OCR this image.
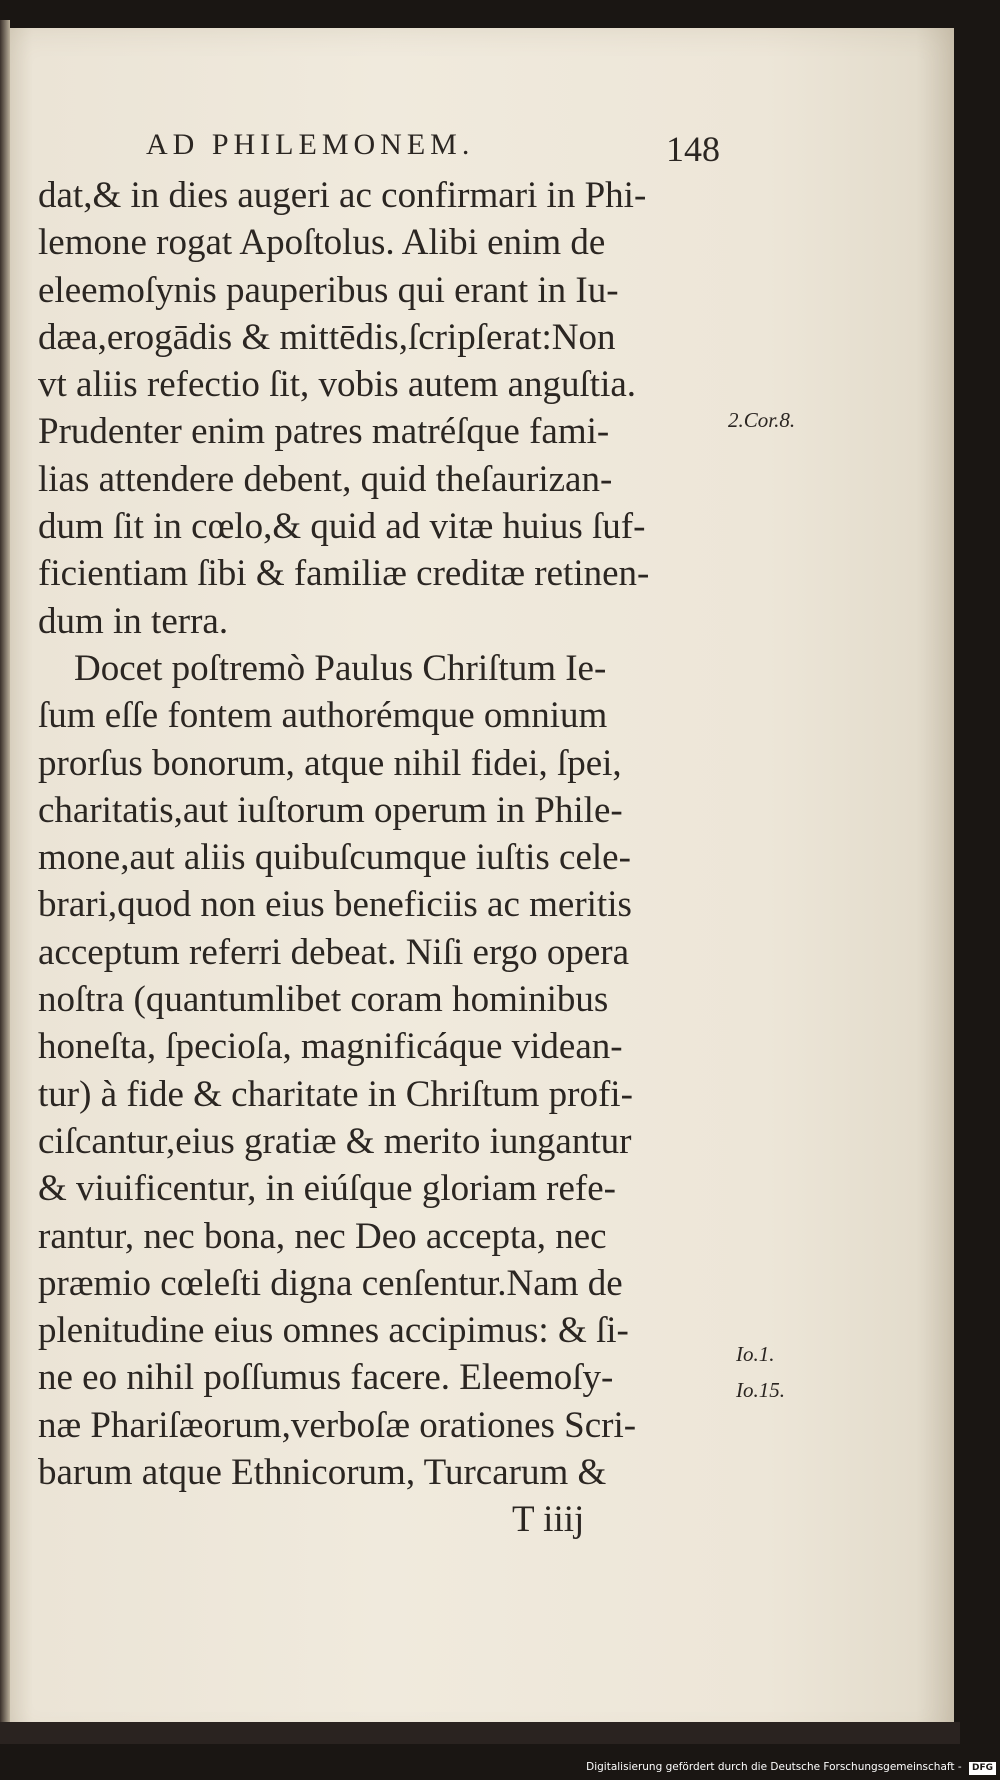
AD PHILEMONEM.	148
dat,& in dies augeri ac confirmari in Phi-
lemone rogat Apoſtolus. Alibi enim de
eleemoſynis pauperibus qui erant in Iu-
dæa,erogādis & mittēdis,ſcripſerat:Non
vt aliis refectio ſit, vobis autem anguſtia.
Prudenter enim patres matréſque fami-
lias attendere debent, quid theſaurizan-
dum ſit in cœlo,& quid ad vitæ huius ſuf-
ficientiam ſibi & familiæ creditæ retinen-
dum in terra.
Docet poſtremò Paulus Chriſtum Ie-
ſum eſſe fontem authorémque omnium
prorſus bonorum, atque nihil fidei, ſpei,
charitatis,aut iuſtorum operum in Phile-
mone,aut aliis quibuſcumque iuſtis cele-
brari,quod non eius beneficiis ac meritis
acceptum referri debeat. Niſi ergo opera
noſtra (quantumlibet coram hominibus
honeſta, ſpecioſa, magnificáque videan-
tur) à fide & charitate in Chriſtum profi-
ciſcantur,eius gratiæ & merito iungantur
& viuificentur, in eiúſque gloriam refe-
rantur, nec bona, nec Deo accepta, nec
præmio cœleſti digna cenſentur.Nam de
plenitudine eius omnes accipimus: & ſi-
ne eo nihil poſſumus facere. Eleemoſy-
næ Phariſæorum,verboſæ orationes Scri-
barum atque Ethnicorum, Turcarum &
T iiij
2.Cor.8.
Io.1.
Io.15.
Digitalisierung gefördert durch die Deutsche Forschungsgemeinschaft - DFG
